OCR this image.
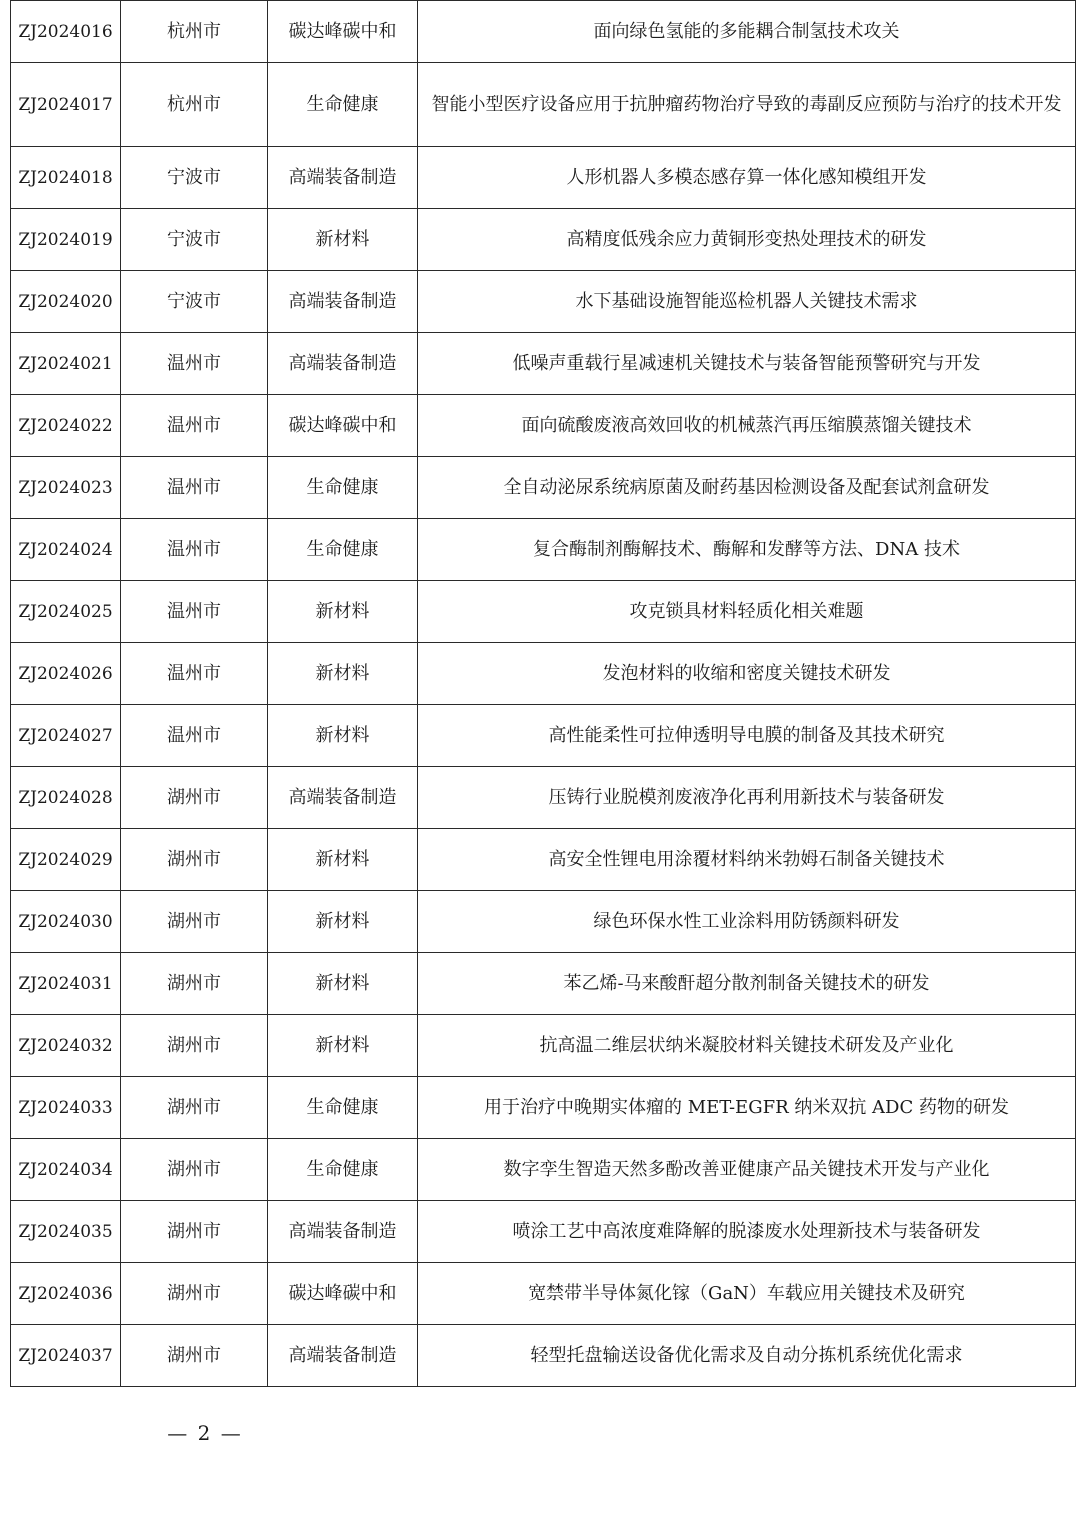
ZJ2024016	杭州市	碳达峰碳中和	面向绿色氢能的多能耦合制氢技术攻关
ZJ2024017	杭州市	生命健康	智能小型医疗设备应用于抗肿瘤药物治疗导致的毒副反应预防与治疗的技术开发
ZJ2024018	宁波市	高端装备制造	人形机器人多模态感存算一体化感知模组开发
ZJ2024019	宁波市	新材料	高精度低残余应力黄铜形变热处理技术的研发
ZJ2024020	宁波市	高端装备制造	水下基础设施智能巡检机器人关键技术需求
ZJ2024021	温州市	高端装备制造	低噪声重载行星减速机关键技术与装备智能预警研究与开发
ZJ2024022	温州市	碳达峰碳中和	面向硫酸废液高效回收的机械蒸汽再压缩膜蒸馏关键技术
ZJ2024023	温州市	生命健康	全自动泌尿系统病原菌及耐药基因检测设备及配套试剂盒研发
ZJ2024024	温州市	生命健康	复合酶制剂酶解技术、酶解和发酵等方法、DNA 技术
ZJ2024025	温州市	新材料	攻克锁具材料轻质化相关难题
ZJ2024026	温州市	新材料	发泡材料的收缩和密度关键技术研发
ZJ2024027	温州市	新材料	高性能柔性可拉伸透明导电膜的制备及其技术研究
ZJ2024028	湖州市	高端装备制造	压铸行业脱模剂废液净化再利用新技术与装备研发
ZJ2024029	湖州市	新材料	高安全性锂电用涂覆材料纳米勃姆石制备关键技术
ZJ2024030	湖州市	新材料	绿色环保水性工业涂料用防锈颜料研发
ZJ2024031	湖州市	新材料	苯乙烯-马来酸酐超分散剂制备关键技术的研发
ZJ2024032	湖州市	新材料	抗高温二维层状纳米凝胶材料关键技术研发及产业化
ZJ2024033	湖州市	生命健康	用于治疗中晚期实体瘤的 MET-EGFR 纳米双抗 ADC 药物的研发
ZJ2024034	湖州市	生命健康	数字孪生智造天然多酚改善亚健康产品关键技术开发与产业化
ZJ2024035	湖州市	高端装备制造	喷涂工艺中高浓度难降解的脱漆废水处理新技术与装备研发
ZJ2024036	湖州市	碳达峰碳中和	宽禁带半导体氮化镓（GaN）车载应用关键技术及研究
ZJ2024037	湖州市	高端装备制造	轻型托盘输送设备优化需求及自动分拣机系统优化需求
— 2 —
